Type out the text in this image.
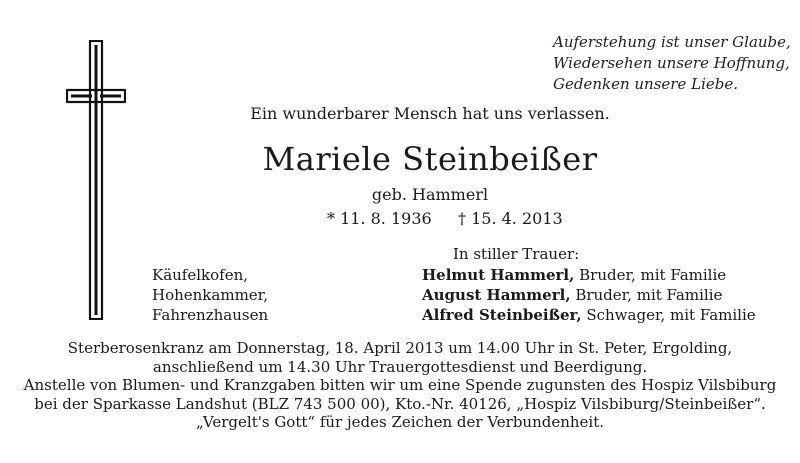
Auferstehung ist unser Glaube,
Wiedersehen unsere Hoffnung,
Gedenken unsere Liebe.
Ein wunderbarer Mensch hat uns verlassen.
Mariele Steinbeißer
geb. Hammerl
* 11. 8. 1936 † 15. 4. 2013
Käufelkofen,
Hohenkammer,
Fahrenzhausen
In stiller Trauer:
Helmut Hammerl, Bruder, mit Familie
August Hammerl, Bruder, mit Familie
Alfred Steinbeißer, Schwager, mit Familie
Sterberosenkranz am Donnerstag, 18. April 2013 um 14.00 Uhr in St. Peter, Ergolding,
anschließend um 14.30 Uhr Trauergottesdienst und Beerdigung.
Anstelle von Blumen- und Kranzgaben bitten wir um eine Spende zugunsten des Hospiz Vilsbiburg
bei der Sparkasse Landshut (BLZ 743 500 00), Kto.-Nr. 40126, „Hospiz Vilsbiburg/Steinbeißer“.
„Vergelt's Gott“ für jedes Zeichen der Verbundenheit.
